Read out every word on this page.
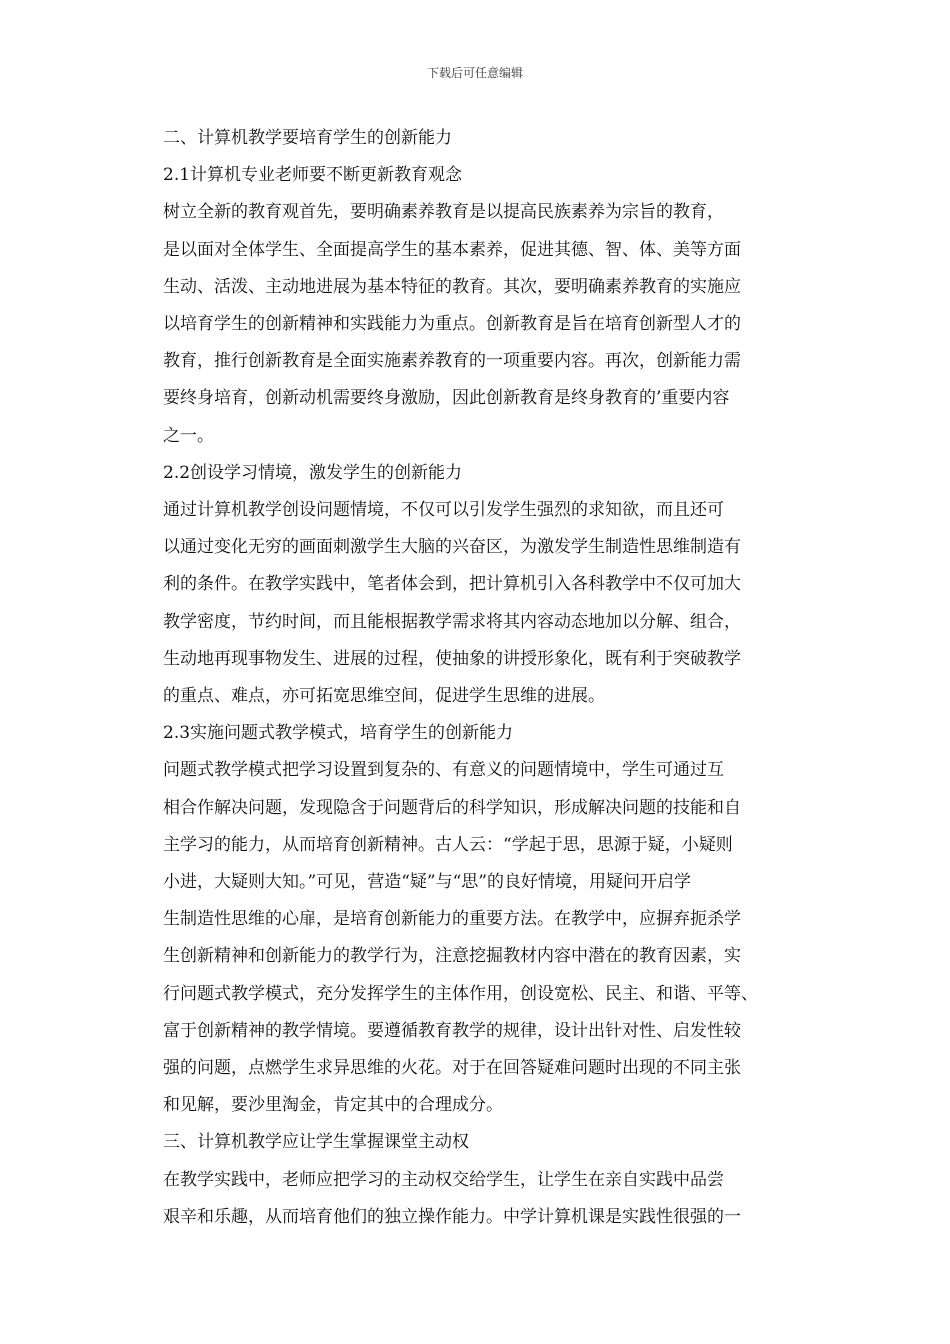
下载后可任意编辑
二、计算机教学要培育学生的创新能力
2.1计算机专业老师要不断更新教育观念
树立全新的教育观首先，要明确素养教育是以提高民族素养为宗旨的教育，
是以面对全体学生、全面提高学生的基本素养，促进其德、智、体、美等方面
生动、活泼、主动地进展为基本特征的教育。其次，要明确素养教育的实施应
以培育学生的创新精神和实践能力为重点。创新教育是旨在培育创新型人才的
教育，推行创新教育是全面实施素养教育的一项重要内容。再次，创新能力需
要终身培育，创新动机需要终身激励，因此创新教育是终身教育的’重要内容
之一。
2.2创设学习情境，激发学生的创新能力
通过计算机教学创设问题情境，不仅可以引发学生强烈的求知欲，而且还可
以通过变化无穷的画面刺激学生大脑的兴奋区，为激发学生制造性思维制造有
利的条件。在教学实践中，笔者体会到，把计算机引入各科教学中不仅可加大
教学密度，节约时间，而且能根据教学需求将其内容动态地加以分解、组合，
生动地再现事物发生、进展的过程，使抽象的讲授形象化，既有利于突破教学
的重点、难点，亦可拓宽思维空间，促进学生思维的进展。
2.3实施问题式教学模式，培育学生的创新能力
问题式教学模式把学习设置到复杂的、有意义的问题情境中，学生可通过互
相合作解决问题，发现隐含于问题背后的科学知识，形成解决问题的技能和自
主学习的能力，从而培育创新精神。古人云：“学起于思，思源于疑，小疑则
小进，大疑则大知。”可见，营造“疑”与“思”的良好情境，用疑问开启学
生制造性思维的心扉，是培育创新能力的重要方法。在教学中，应摒弃扼杀学
生创新精神和创新能力的教学行为，注意挖掘教材内容中潜在的教育因素，实
行问题式教学模式，充分发挥学生的主体作用，创设宽松、民主、和谐、平等、
富于创新精神的教学情境。要遵循教育教学的规律，设计出针对性、启发性较
强的问题，点燃学生求异思维的火花。对于在回答疑难问题时出现的不同主张
和见解，要沙里淘金，肯定其中的合理成分。
三、计算机教学应让学生掌握课堂主动权
在教学实践中，老师应把学习的主动权交给学生，让学生在亲自实践中品尝
艰辛和乐趣，从而培育他们的独立操作能力。中学计算机课是实践性很强的一
